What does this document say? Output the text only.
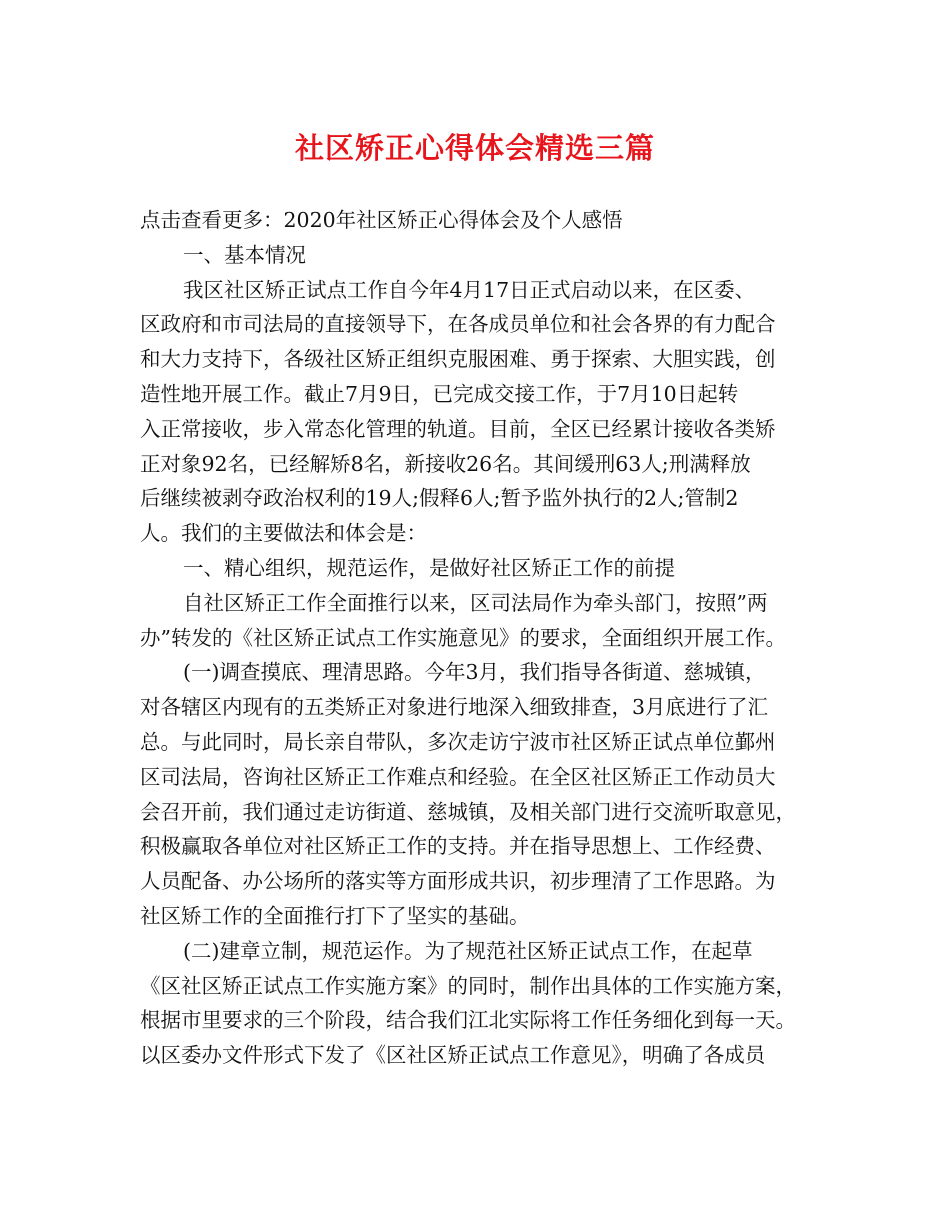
社区矫正心得体会精选三篇
点击查看更多：2020年社区矫正心得体会及个人感悟
一、基本情况
我区社区矫正试点工作自今年4月17日正式启动以来，在区委、
区政府和市司法局的直接领导下，在各成员单位和社会各界的有力配合
和大力支持下，各级社区矫正组织克服困难、勇于探索、大胆实践，创
造性地开展工作。截止7月9日，已完成交接工作，于7月10日起转
入正常接收，步入常态化管理的轨道。目前，全区已经累计接收各类矫
正对象92名，已经解矫8名，新接收26名。其间缓刑63人;刑满释放
后继续被剥夺政治权利的19人;假释6人;暂予监外执行的2人;管制2
人。我们的主要做法和体会是：
一、精心组织，规范运作，是做好社区矫正工作的前提
自社区矫正工作全面推行以来，区司法局作为牵头部门，按照”两
办”转发的《社区矫正试点工作实施意见》的要求，全面组织开展工作。
(一)调查摸底、理清思路。今年3月，我们指导各街道、慈城镇，
对各辖区内现有的五类矫正对象进行地深入细致排查，3月底进行了汇
总。与此同时，局长亲自带队，多次走访宁波市社区矫正试点单位鄞州
区司法局，咨询社区矫正工作难点和经验。在全区社区矫正工作动员大
会召开前，我们通过走访街道、慈城镇，及相关部门进行交流听取意见，
积极赢取各单位对社区矫正工作的支持。并在指导思想上、工作经费、
人员配备、办公场所的落实等方面形成共识，初步理清了工作思路。为
社区矫工作的全面推行打下了坚实的基础。
(二)建章立制，规范运作。为了规范社区矫正试点工作，在起草
《区社区矫正试点工作实施方案》的同时，制作出具体的工作实施方案，
根据市里要求的三个阶段，结合我们江北实际将工作任务细化到每一天。
以区委办文件形式下发了《区社区矫正试点工作意见》，明确了各成员
